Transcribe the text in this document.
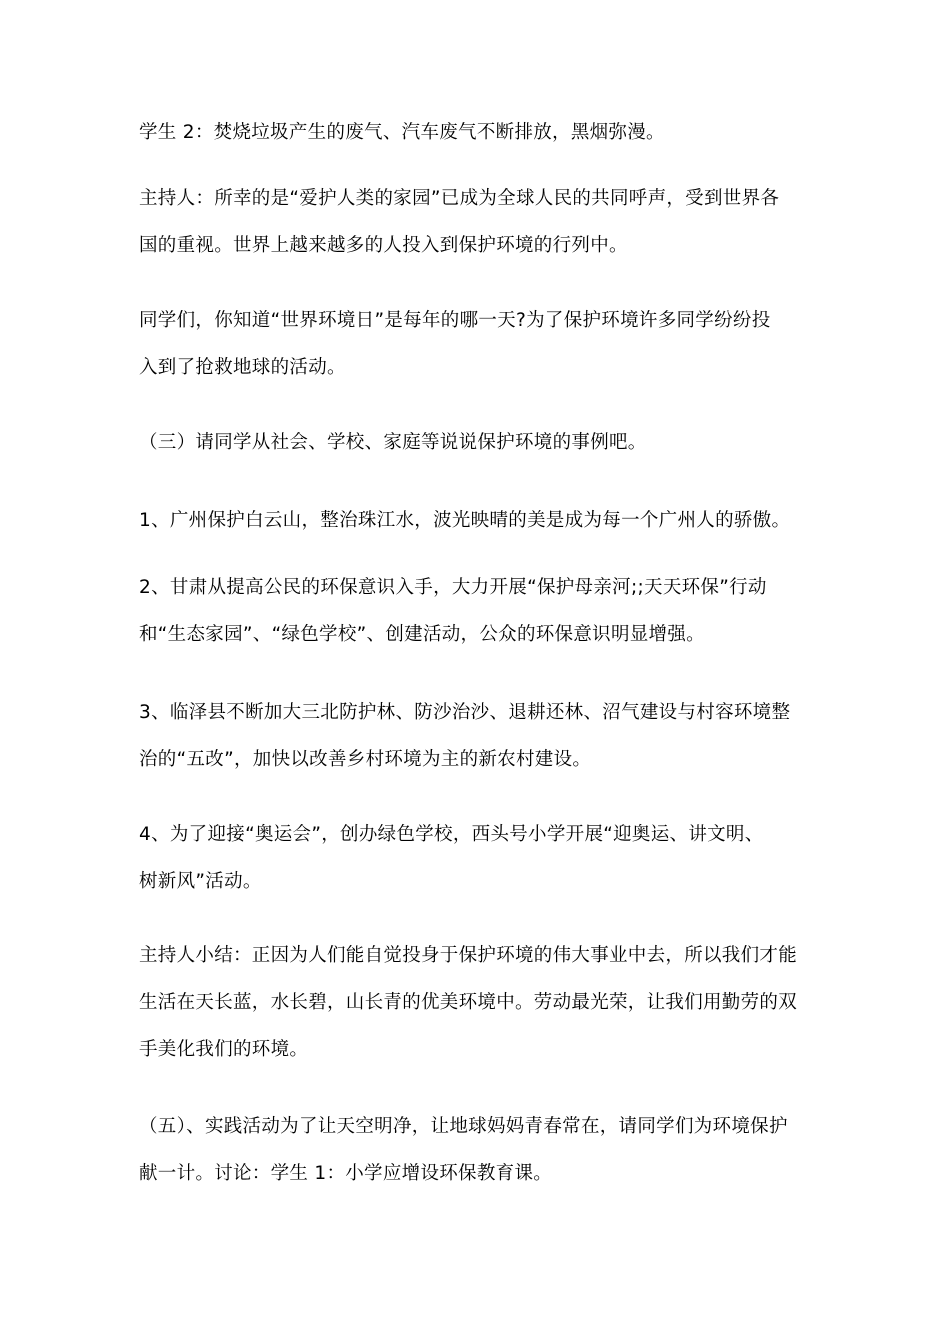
学生 2：焚烧垃圾产生的废气、汽车废气不断排放，黑烟弥漫。
主持人：所幸的是“爱护人类的家园”已成为全球人民的共同呼声，受到世界各
国的重视。世界上越来越多的人投入到保护环境的行列中。
同学们，你知道“世界环境日”是每年的哪一天?为了保护环境许多同学纷纷投
入到了抢救地球的活动。
（三）请同学从社会、学校、家庭等说说保护环境的事例吧。
1、广州保护白云山，整治珠江水，波光映晴的美是成为每一个广州人的骄傲。
2、甘肃从提高公民的环保意识入手，大力开展“保护母亲河;;天天环保”行动
和“生态家园”、“绿色学校”、创建活动，公众的环保意识明显增强。
3、临泽县不断加大三北防护林、防沙治沙、退耕还林、沼气建设与村容环境整
治的“五改”，加快以改善乡村环境为主的新农村建设。
4、为了迎接“奥运会”，创办绿色学校，西头号小学开展“迎奥运、讲文明、
树新风”活动。
主持人小结：正因为人们能自觉投身于保护环境的伟大事业中去，所以我们才能
生活在天长蓝，水长碧，山长青的优美环境中。劳动最光荣，让我们用勤劳的双
手美化我们的环境。
（五）、实践活动为了让天空明净，让地球妈妈青春常在，请同学们为环境保护
献一计。讨论：学生 1：小学应增设环保教育课。
